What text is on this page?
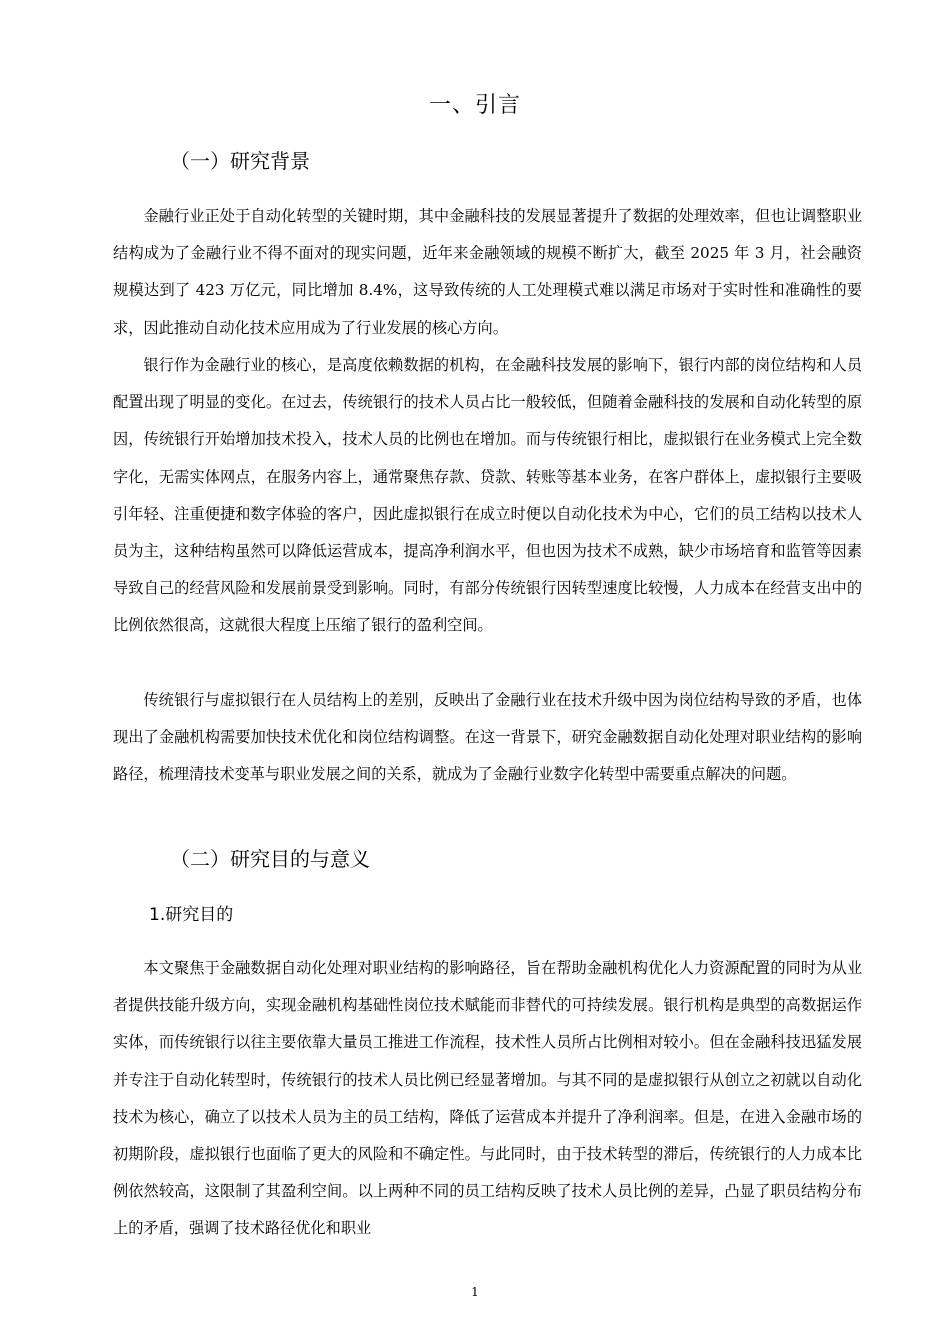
一、引言
（一）研究背景

金融行业正处于自动化转型的关键时期，其中金融科技的发展显著提升了数据的处理效率，但也让调整职业结构成为了金融行业不得不面对的现实问题，近年来金融领域的规模不断扩大，截至 2025 年 3 月，社会融资规模达到了 423 万亿元，同比增加 8.4%，这导致传统的人工处理模式难以满足市场对于实时性和准确性的要求，因此推动自动化技术应用成为了行业发展的核心方向。

银行作为金融行业的核心，是高度依赖数据的机构，在金融科技发展的影响下，银行内部的岗位结构和人员配置出现了明显的变化。在过去，传统银行的技术人员占比一般较低，但随着金融科技的发展和自动化转型的原因，传统银行开始增加技术投入，技术人员的比例也在增加。而与传统银行相比，虚拟银行在业务模式上完全数字化，无需实体网点，在服务内容上，通常聚焦存款、贷款、转账等基本业务，在客户群体上，虚拟银行主要吸引年轻、注重便捷和数字体验的客户，因此虚拟银行在成立时便以自动化技术为中心，它们的员工结构以技术人员为主，这种结构虽然可以降低运营成本，提高净利润水平，但也因为技术不成熟，缺少市场培育和监管等因素导致自己的经营风险和发展前景受到影响。同时，有部分传统银行因转型速度比较慢，人力成本在经营支出中的比例依然很高，这就很大程度上压缩了银行的盈利空间。

传统银行与虚拟银行在人员结构上的差别，反映出了金融行业在技术升级中因为岗位结构导致的矛盾，也体现出了金融机构需要加快技术优化和岗位结构调整。在这一背景下，研究金融数据自动化处理对职业结构的影响路径，梳理清技术变革与职业发展之间的关系，就成为了金融行业数字化转型中需要重点解决的问题。

（二）研究目的与意义
1.研究目的

本文聚焦于金融数据自动化处理对职业结构的影响路径，旨在帮助金融机构优化人力资源配置的同时为从业者提供技能升级方向，实现金融机构基础性岗位技术赋能而非替代的可持续发展。银行机构是典型的高数据运作实体，而传统银行以往主要依靠大量员工推进工作流程，技术性人员所占比例相对较小。但在金融科技迅猛发展并专注于自动化转型时，传统银行的技术人员比例已经显著增加。与其不同的是虚拟银行从创立之初就以自动化技术为核心，确立了以技术人员为主的员工结构，降低了运营成本并提升了净利润率。但是，在进入金融市场的初期阶段，虚拟银行也面临了更大的风险和不确定性。与此同时，由于技术转型的滞后，传统银行的人力成本比例依然较高，这限制了其盈利空间。以上两种不同的员工结构反映了技术人员比例的差异，凸显了职员结构分布上的矛盾，强调了技术路径优化和职业

1
